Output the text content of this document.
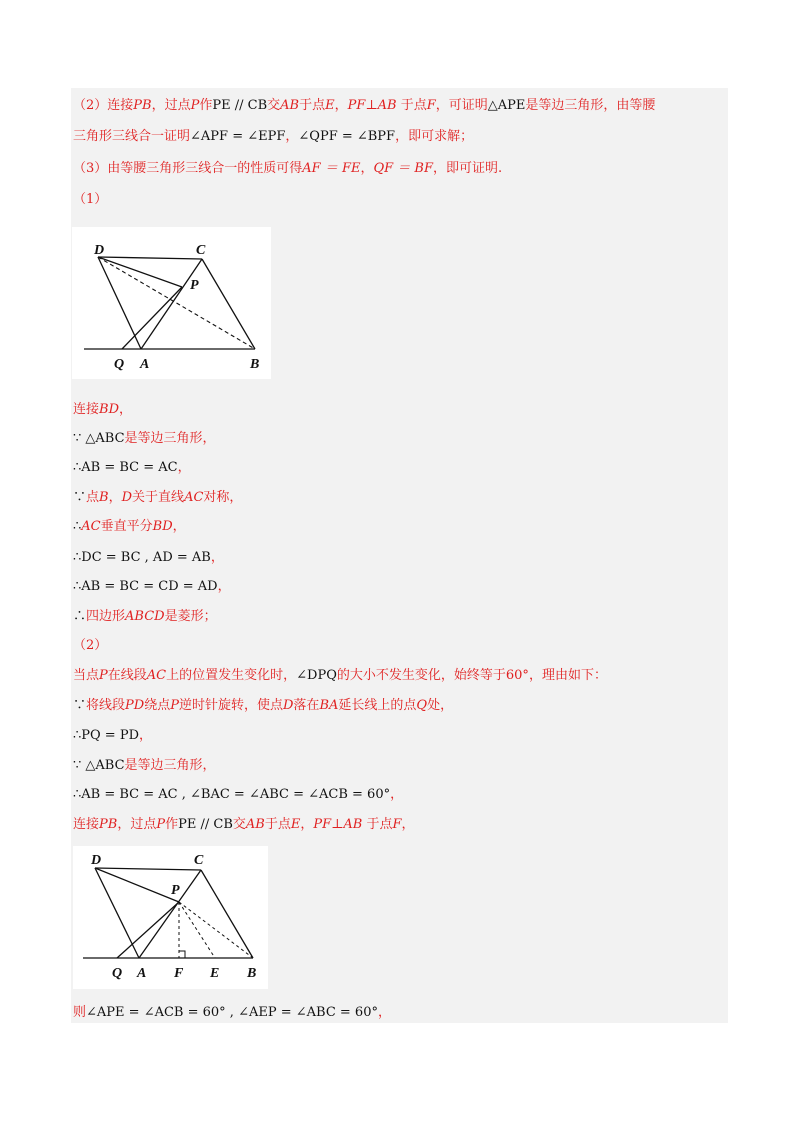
（2）连接PB，过点P作PE // CB交AB于点E，PF⊥AB 于点F，可证明△APE是等边三角形，由等腰
三角形三线合一证明∠APF = ∠EPF，∠QPF = ∠BPF，即可求解；
（3）由等腰三角形三线合一的性质可得AF ＝ FE，QF ＝ BF，即可证明.
（1）
连接BD，
∵ △ABC是等边三角形，
∴AB = BC = AC，
∵点B，D关于直线AC对称，
∴AC垂直平分BD，
∴DC = BC , AD = AB，
∴AB = BC = CD = AD，
∴四边形ABCD是菱形；
（2）
当点P在线段AC上的位置发生变化时，∠DPQ的大小不发生变化，始终等于60°，理由如下：
∵将线段PD绕点P逆时针旋转，使点D落在BA延长线上的点Q处，
∴PQ = PD，
∵ △ABC是等边三角形，
∴AB = BC = AC , ∠BAC = ∠ABC = ∠ACB = 60°，
连接PB，过点P作PE // CB交AB于点E，PF⊥AB 于点F，
则∠APE = ∠ACB = 60° , ∠AEP = ∠ABC = 60°，
D	C
P
Q A	B
D	C
P
Q A F E B
